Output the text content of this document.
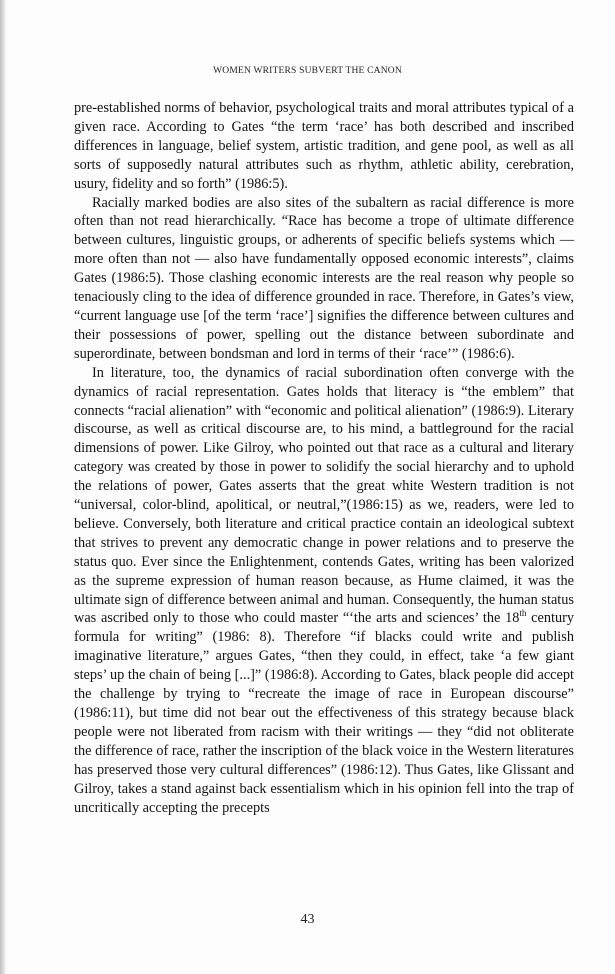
WOMEN WRITERS SUBVERT THE CANON

pre-established norms of behavior, psychological traits and moral attributes typical of a given race. According to Gates “the term ‘race’ has both described and inscribed differences in language, belief system, artistic tradition, and gene pool, as well as all sorts of supposedly natural attributes such as rhythm, athletic ability, cerebration, usury, fidelity and so forth” (1986:5).

Racially marked bodies are also sites of the subaltern as racial difference is more often than not read hierarchically. “Race has become a trope of ultimate difference between cultures, linguistic groups, or adherents of specific beliefs systems which — more often than not — also have fundamentally opposed economic interests”, claims Gates (1986:5). Those clashing economic interests are the real reason why people so tenaciously cling to the idea of difference grounded in race. Therefore, in Gates’s view, “current language use [of the term ‘race’] signifies the difference between cultures and their possessions of power, spelling out the distance between subordinate and superordinate, between bondsman and lord in terms of their ‘race’” (1986:6).

In literature, too, the dynamics of racial subordination often converge with the dynamics of racial representation. Gates holds that literacy is “the emblem” that connects “racial alienation” with “economic and political alienation” (1986:9). Literary discourse, as well as critical discourse are, to his mind, a battleground for the racial dimensions of power. Like Gilroy, who pointed out that race as a cultural and literary category was created by those in power to solidify the social hierarchy and to uphold the relations of power, Gates asserts that the great white Western tradition is not “universal, color-blind, apolitical, or neutral,”(1986:15) as we, readers, were led to believe. Conversely, both literature and critical practice contain an ideological subtext that strives to prevent any democratic change in power relations and to preserve the status quo. Ever since the Enlightenment, contends Gates, writing has been valorized as the supreme expression of human reason because, as Hume claimed, it was the ultimate sign of difference between animal and human. Consequently, the human status was ascribed only to those who could master “‘the arts and sciences’ the 18th century formula for writing” (1986: 8). Therefore “if blacks could write and publish imaginative literature,” argues Gates, “then they could, in effect, take ‘a few giant steps’ up the chain of being [...]” (1986:8). According to Gates, black people did accept the challenge by trying to “recreate the image of race in European discourse” (1986:11), but time did not bear out the effectiveness of this strategy because black people were not liberated from racism with their writings — they “did not obliterate the difference of race, rather the inscription of the black voice in the Western literatures has preserved those very cultural differences” (1986:12). Thus Gates, like Glissant and Gilroy, takes a stand against back essentialism which in his opinion fell into the trap of uncritically accepting the precepts

43
